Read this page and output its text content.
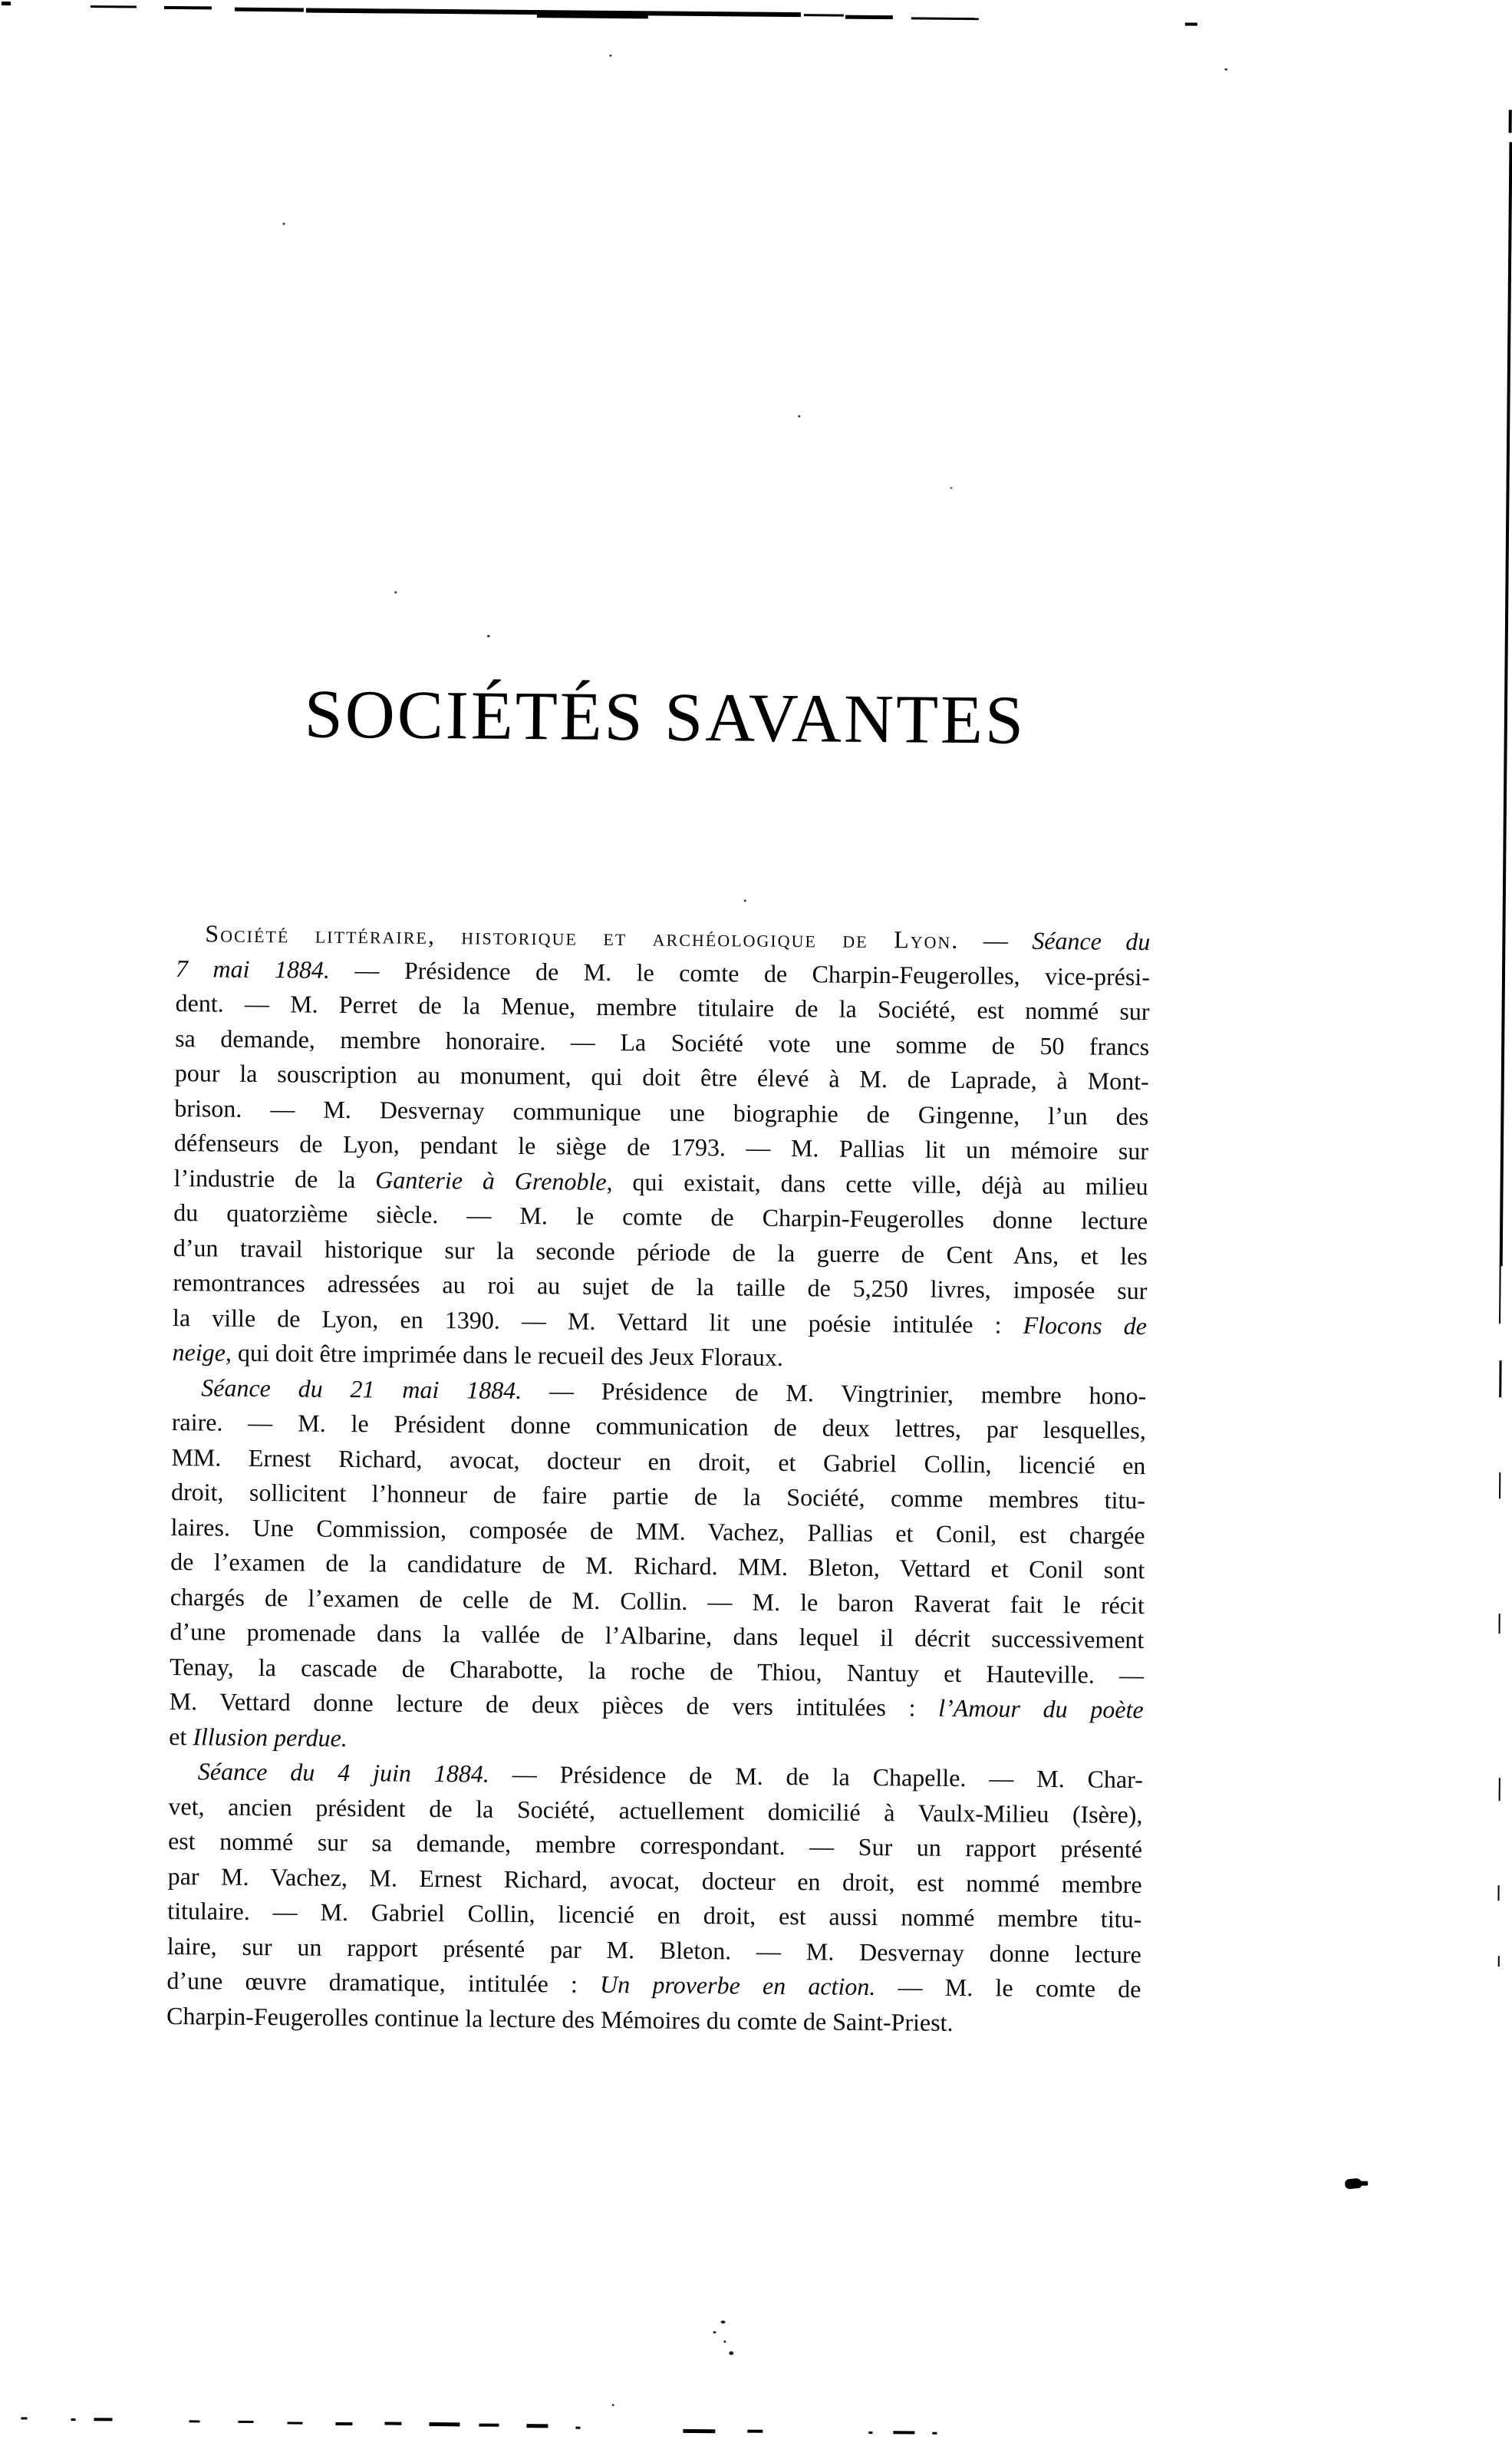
SOCIÉTÉS SAVANTES

Société littéraire, historique et archéologique de Lyon. — Séance du
7 mai 1884. — Présidence de M. le comte de Charpin-Feugerolles, vice-prési-
dent. — M. Perret de la Menue, membre titulaire de la Société, est nommé sur
sa demande, membre honoraire. — La Société vote une somme de 50 francs
pour la souscription au monument, qui doit être élevé à M. de Laprade, à Mont-
brison. — M. Desvernay communique une biographie de Gingenne, l’un des
défenseurs de Lyon, pendant le siège de 1793. — M. Pallias lit un mémoire sur
l’industrie de la Ganterie à Grenoble, qui existait, dans cette ville, déjà au milieu
du quatorzième siècle. — M. le comte de Charpin-Feugerolles donne lecture
d’un travail historique sur la seconde période de la guerre de Cent Ans, et les
remontrances adressées au roi au sujet de la taille de 5,250 livres, imposée sur
la ville de Lyon, en 1390. — M. Vettard lit une poésie intitulée : Flocons de
neige, qui doit être imprimée dans le recueil des Jeux Floraux.

Séance du 21 mai 1884. — Présidence de M. Vingtrinier, membre hono-
raire. — M. le Président donne communication de deux lettres, par lesquelles,
MM. Ernest Richard, avocat, docteur en droit, et Gabriel Collin, licencié en
droit, sollicitent l’honneur de faire partie de la Société, comme membres titu-
laires. Une Commission, composée de MM. Vachez, Pallias et Conil, est chargée
de l’examen de la candidature de M. Richard. MM. Bleton, Vettard et Conil sont
chargés de l’examen de celle de M. Collin. — M. le baron Raverat fait le récit
d’une promenade dans la vallée de l’Albarine, dans lequel il décrit successivement
Tenay, la cascade de Charabotte, la roche de Thiou, Nantuy et Hauteville. —
M. Vettard donne lecture de deux pièces de vers intitulées : l’Amour du poète
et Illusion perdue.

Séance du 4 juin 1884. — Présidence de M. de la Chapelle. — M. Char-
vet, ancien président de la Société, actuellement domicilié à Vaulx-Milieu (Isère),
est nommé sur sa demande, membre correspondant. — Sur un rapport présenté
par M. Vachez, M. Ernest Richard, avocat, docteur en droit, est nommé membre
titulaire. — M. Gabriel Collin, licencié en droit, est aussi nommé membre titu-
laire, sur un rapport présenté par M. Bleton. — M. Desvernay donne lecture
d’une œuvre dramatique, intitulée : Un proverbe en action. — M. le comte de
Charpin-Feugerolles continue la lecture des Mémoires du comte de Saint-Priest.
